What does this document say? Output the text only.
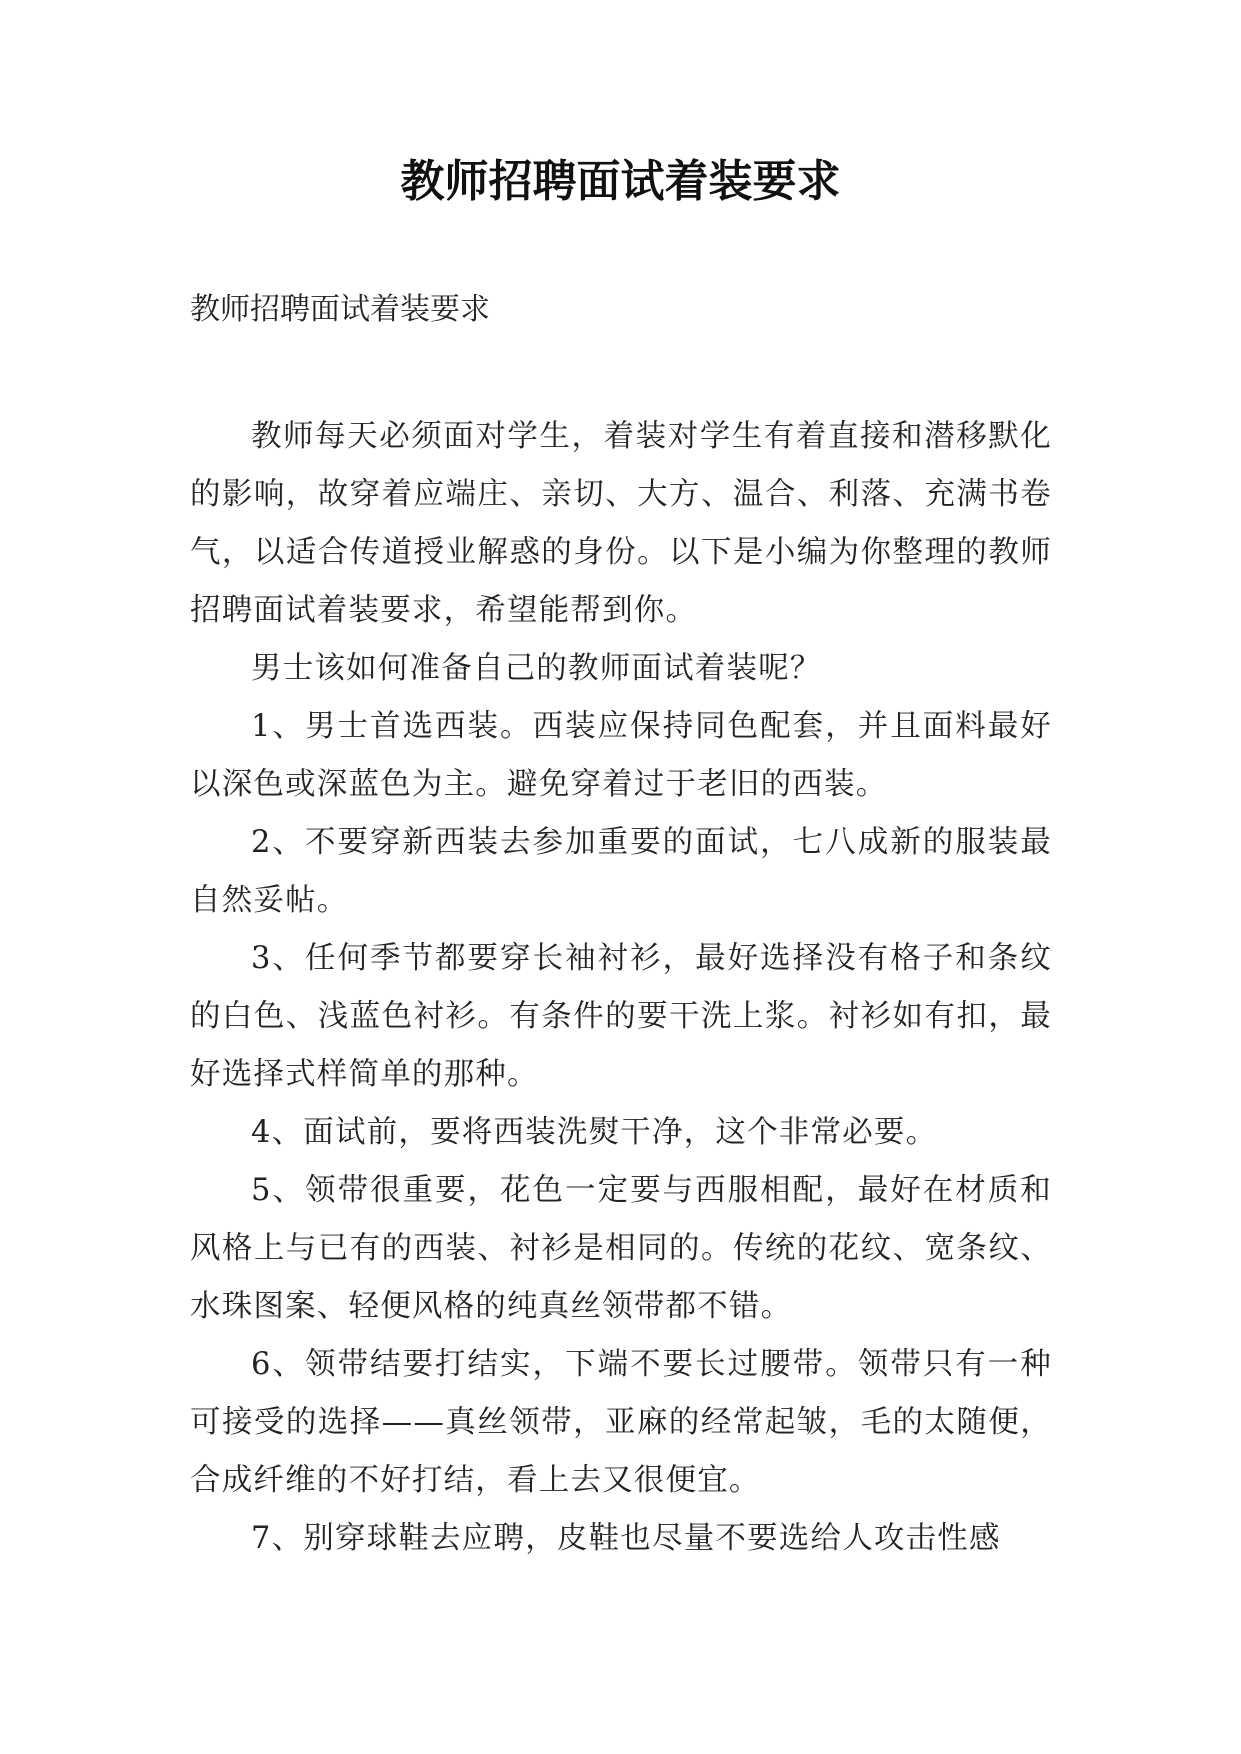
教师招聘面试着装要求
教师招聘面试着装要求

教师每天必须面对学生，着装对学生有着直接和潜移默化的影响，故穿着应端庄、亲切、大方、温合、利落、充满书卷气，以适合传道授业解惑的身份。以下是小编为你整理的教师招聘面试着装要求，希望能帮到你。

男士该如何准备自己的教师面试着装呢？

1、男士首选西装。西装应保持同色配套，并且面料最好以深色或深蓝色为主。避免穿着过于老旧的西装。

2、不要穿新西装去参加重要的面试，七八成新的服装最自然妥帖。

3、任何季节都要穿长袖衬衫，最好选择没有格子和条纹的白色、浅蓝色衬衫。有条件的要干洗上浆。衬衫如有扣，最好选择式样简单的那种。

4、面试前，要将西装洗熨干净，这个非常必要。

5、领带很重要，花色一定要与西服相配，最好在材质和风格上与已有的西装、衬衫是相同的。传统的花纹、宽条纹、水珠图案、轻便风格的纯真丝领带都不错。

6、领带结要打结实，下端不要长过腰带。领带只有一种可接受的选择——真丝领带，亚麻的经常起皱，毛的太随便，合成纤维的不好打结，看上去又很便宜。

7、别穿球鞋去应聘，皮鞋也尽量不要选给人攻击性感
